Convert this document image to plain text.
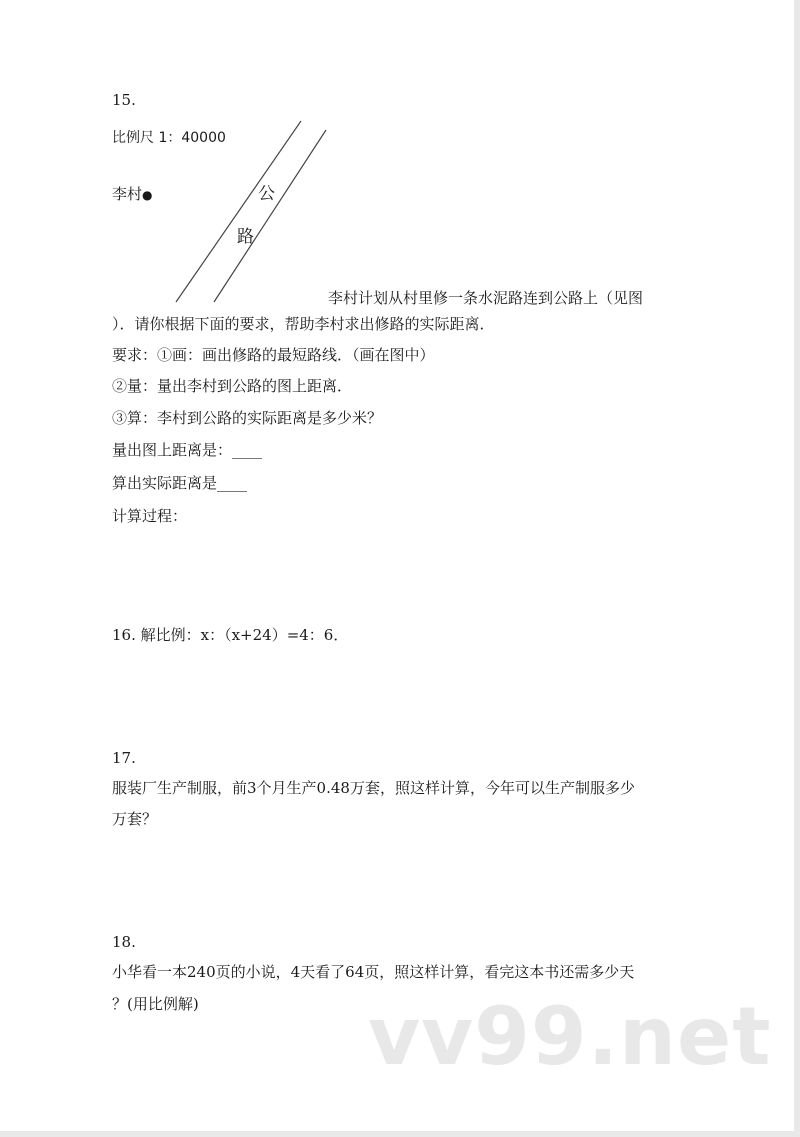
15.
比例尺 1：40000
李村●	公
路
李村计划从村里修一条水泥路连到公路上（见图
）．请你根据下面的要求，帮助李村求出修路的实际距离．
要求：①画：画出修路的最短路线．（画在图中）
②量：量出李村到公路的图上距离．
③算：李村到公路的实际距离是多少米？
量出图上距离是：____
算出实际距离是____
计算过程：
16. 解比例：x：（x+24）=4：6．
17.
服装厂生产制服，前3个月生产0.48万套，照这样计算，今年可以生产制服多少
万套？
18.
小华看一本240页的小说，4天看了64页，照这样计算，看完这本书还需多少天
？(用比例解) vv99.net
